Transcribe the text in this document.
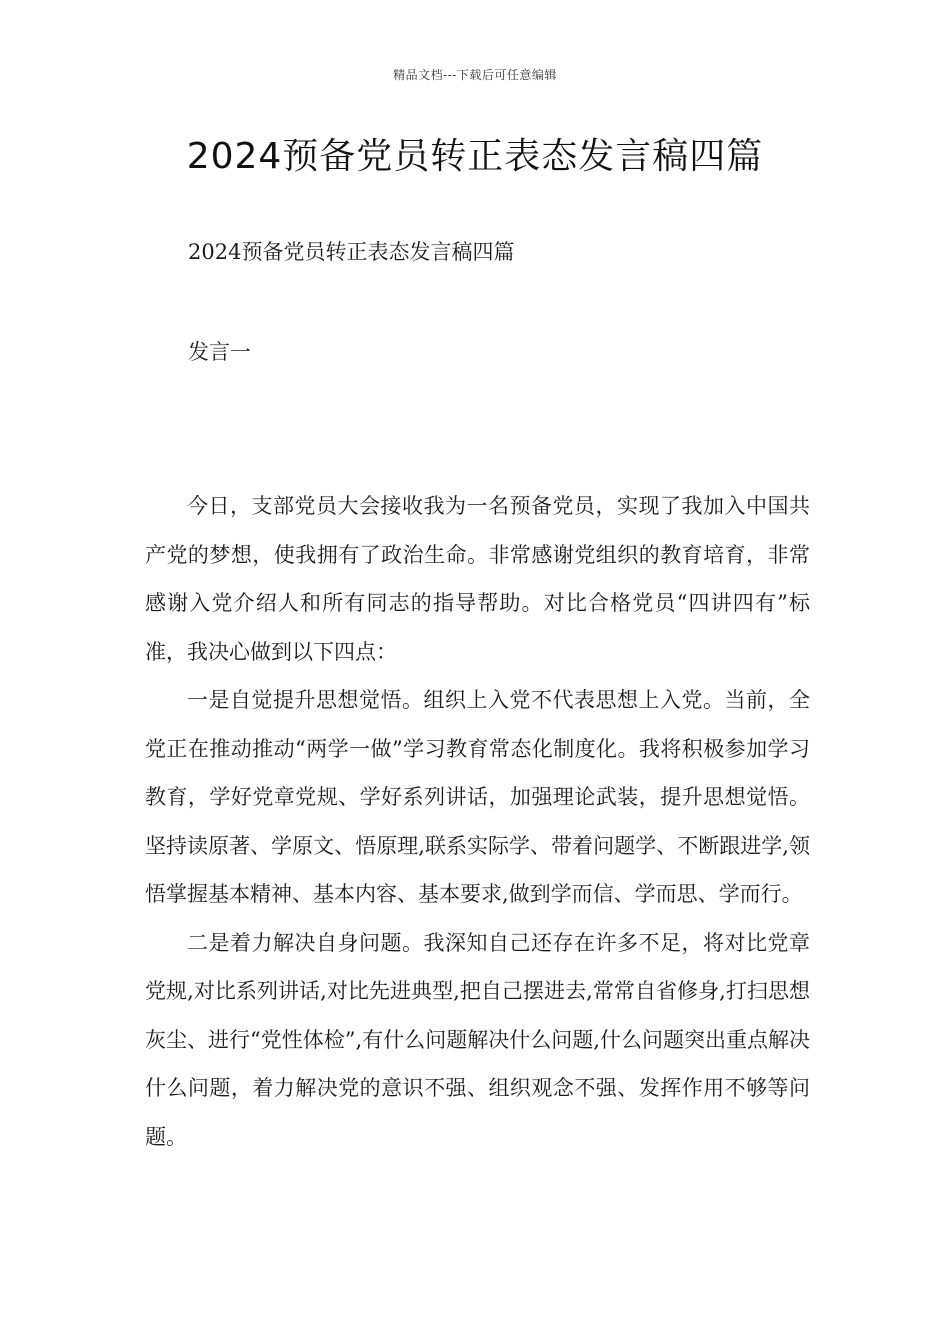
精品文档---下载后可任意编辑
2024预备党员转正表态发言稿四篇

2024预备党员转正表态发言稿四篇

发言一

今日，支部党员大会接收我为一名预备党员，实现了我加入中国共产党的梦想，使我拥有了政治生命。非常感谢党组织的教育培育，非常感谢入党介绍人和所有同志的指导帮助。对比合格党员“四讲四有”标准，我决心做到以下四点：

一是自觉提升思想觉悟。组织上入党不代表思想上入党。当前，全党正在推动推动“两学一做”学习教育常态化制度化。我将积极参加学习教育，学好党章党规、学好系列讲话，加强理论武装，提升思想觉悟。坚持读原著、学原文、悟原理,联系实际学、带着问题学、不断跟进学,领悟掌握基本精神、基本内容、基本要求,做到学而信、学而思、学而行。

二是着力解决自身问题。我深知自己还存在许多不足，将对比党章党规,对比系列讲话,对比先进典型,把自己摆进去,常常自省修身,打扫思想灰尘、进行“党性体检”,有什么问题解决什么问题,什么问题突出重点解决什么问题，着力解决党的意识不强、组织观念不强、发挥作用不够等问题。
